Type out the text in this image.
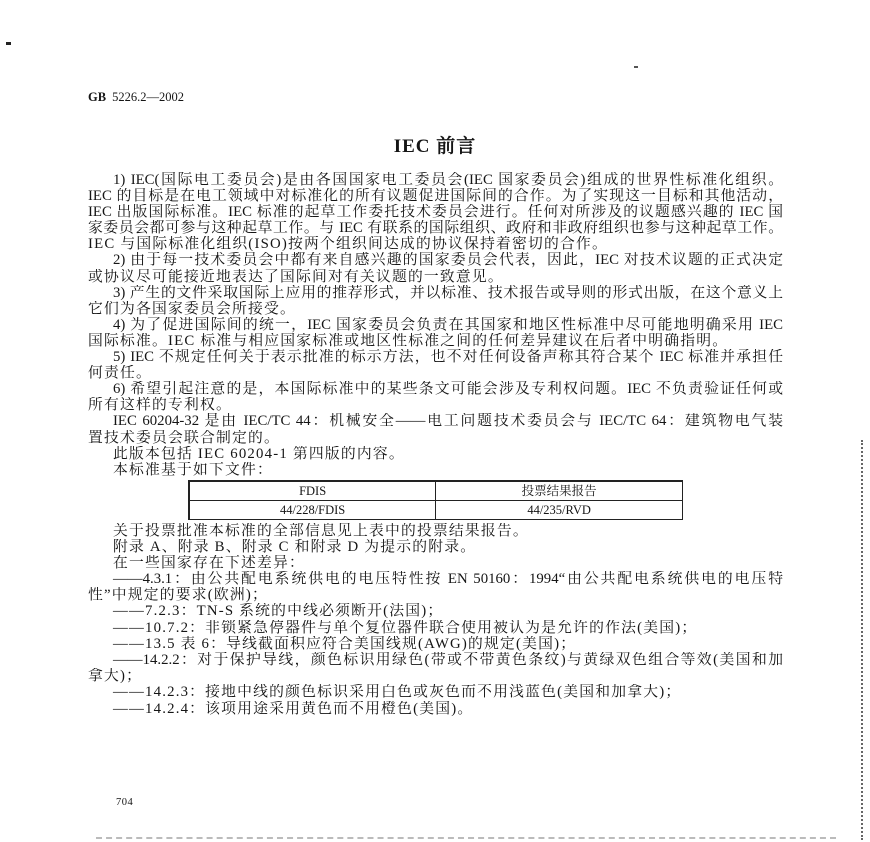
GB 5226.2—2002
IEC 前言
1) IEC(国际电工委员会)是由各国国家电工委员会(IEC 国家委员会)组成的世界性标准化组织。
IEC 的目标是在电工领域中对标准化的所有议题促进国际间的合作。为了实现这一目标和其他活动，
IEC 出版国际标准。IEC 标准的起草工作委托技术委员会进行。任何对所涉及的议题感兴趣的 IEC 国
家委员会都可参与这种起草工作。与 IEC 有联系的国际组织、政府和非政府组织也参与这种起草工作。
IEC 与国际标准化组织(ISO)按两个组织间达成的协议保持着密切的合作。
2) 由于每一技术委员会中都有来自感兴趣的国家委员会代表，因此，IEC 对技术议题的正式决定
或协议尽可能接近地表达了国际间对有关议题的一致意见。
3) 产生的文件采取国际上应用的推荐形式，并以标准、技术报告或导则的形式出版，在这个意义上
它们为各国家委员会所接受。
4) 为了促进国际间的统一，IEC 国家委员会负责在其国家和地区性标准中尽可能地明确采用 IEC
国际标准。IEC 标准与相应国家标准或地区性标准之间的任何差异建议在后者中明确指明。
5) IEC 不规定任何关于表示批准的标示方法，也不对任何设备声称其符合某个 IEC 标准并承担任
何责任。
6) 希望引起注意的是，本国际标准中的某些条文可能会涉及专利权问题。IEC 不负责验证任何或
所有这样的专利权。
IEC 60204-32 是由 IEC/TC 44：机械安全——电工问题技术委员会与 IEC/TC 64：建筑物电气装
置技术委员会联合制定的。
此版本包括 IEC 60204-1 第四版的内容。
本标准基于如下文件：
FDIS	投票结果报告
44/228/FDIS	44/235/RVD
关于投票批准本标准的全部信息见上表中的投票结果报告。
附录 A、附录 B、附录 C 和附录 D 为提示的附录。
在一些国家存在下述差异：
——4.3.1：由公共配电系统供电的电压特性按 EN 50160：1994“由公共配电系统供电的电压特
性”中规定的要求(欧洲)；
——7.2.3：TN-S 系统的中线必须断开(法国)；
——10.7.2：非锁紧急停器件与单个复位器件联合使用被认为是允许的作法(美国)；
——13.5 表 6：导线截面积应符合美国线规(AWG)的规定(美国)；
——14.2.2：对于保护导线，颜色标识用绿色(带或不带黄色条纹)与黄绿双色组合等效(美国和加
拿大)；
——14.2.3：接地中线的颜色标识采用白色或灰色而不用浅蓝色(美国和加拿大)；
——14.2.4：该项用途采用黄色而不用橙色(美国)。
704
